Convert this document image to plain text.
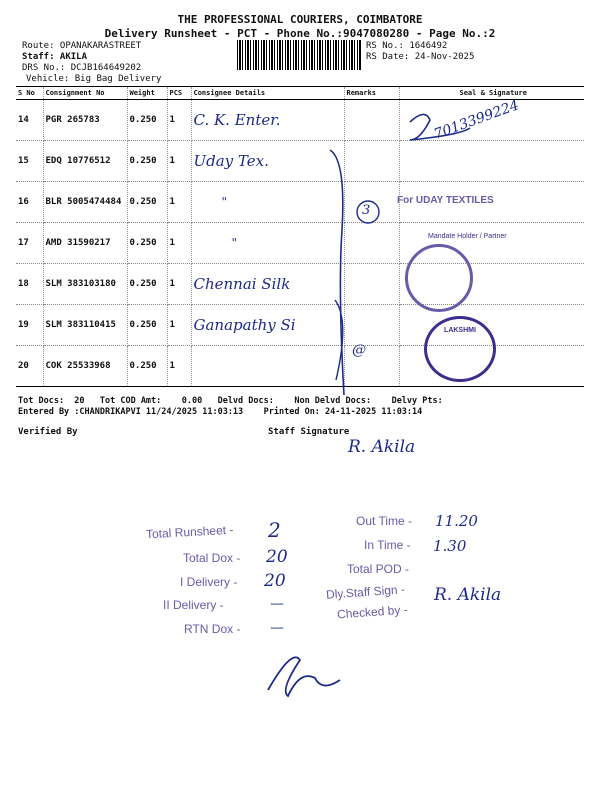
THE PROFESSIONAL COURIERS, COIMBATORE
Delivery Runsheet - PCT - Phone No.:9047080280 - Page No.:2
Route: OPANAKARASTREET
Staff: AKILA
DRS No.: DCJB164649202
Vehicle: Big Bag Delivery
RS No.: 1646492
RS Date: 24-Nov-2025
S No	Consignment No	Weight	PCS	Consignee Details	Remarks	Seal & Signature
14	PGR 265783	0.250	1	C. K. Enter.		
15	EDQ 10776512	0.250	1	Uday Tex.		
16	BLR 5005474484	0.250	1	"		
17	AMD 31590217	0.250	1	"		
18	SLM 383103180	0.250	1	Chennai Silk		
19	SLM 383110415	0.250	1	Ganapathy Si		
20	COK 25533968	0.250	1			
3
@
7013399224
For UDAY TEXTILES
Mandate Holder / Partner
LAKSHMI
Tot Docs:  20   Tot COD Amt:    0.00   Delvd Docs:    Non Delvd Docs:    Delvy Pts:
Entered By :CHANDRIKAPVI 11/24/2025 11:03:13    Printed On: 24-11-2025 11:03:14
Verified By	Staff Signature
R. Akila
Total Runsheet - 2
Total Dox - 20
I Delivery - 20
II Delivery -	—
RTN Dox - —
Out Time - 11.20
In Time - 1.30
Total POD -
Dly.Staff Sign - R. Akila
Checked by -
